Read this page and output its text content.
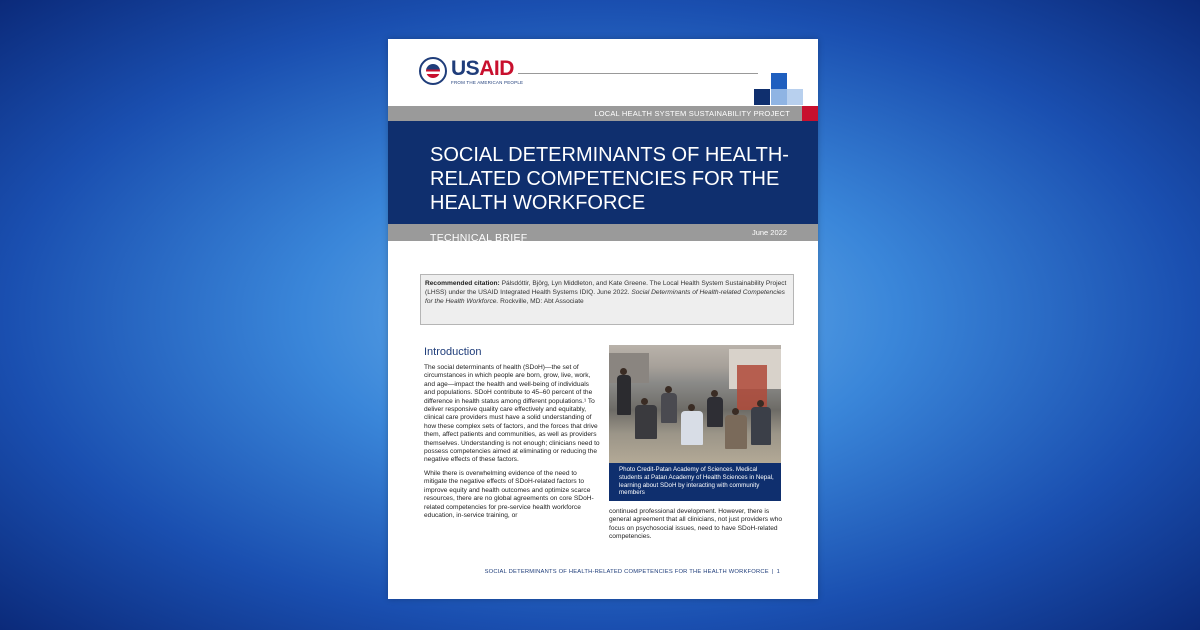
USAID
FROM THE AMERICAN PEOPLE
LOCAL HEALTH SYSTEM SUSTAINABILITY PROJECT
SOCIAL DETERMINANTS OF HEALTH-RELATED COMPETENCIES FOR THE HEALTH WORKFORCE
TECHNICAL BRIEF	June 2022
Recommended citation: Pálsdóttir, Björg, Lyn Middleton, and Kate Greene. The Local Health System Sustainability Project (LHSS) under the USAID Integrated Health Systems IDIQ. June 2022. Social Determinants of Health-related Competencies for the Health Workforce. Rockville, MD: Abt Associate
Introduction

The social determinants of health (SDoH)—the set of circumstances in which people are born, grow, live, work, and age—impact the health and well-being of individuals and populations. SDoH contribute to 45–60 percent of the difference in health status among different populations.¹ To deliver responsive quality care effectively and equitably, clinical care providers must have a solid understanding of how these complex sets of factors, and the forces that drive them, affect patients and communities, as well as providers themselves. Understanding is not enough; clinicians need to possess competencies aimed at eliminating or reducing the negative effects of these factors.

While there is overwhelming evidence of the need to mitigate the negative effects of SDoH-related factors to improve equity and health outcomes and optimize scarce resources, there are no global agreements on core SDoH-related competencies for pre-service health workforce education, in-service training, or

Photo Credit-Patan Academy of Sciences. Medical students at Patan Academy of Health Sciences in Nepal, learning about SDoH by interacting with community members
continued professional development. However, there is general agreement that all clinicians, not just providers who focus on psychosocial issues, need to have SDoH-related competencies.
SOCIAL DETERMINANTS OF HEALTH-RELATED COMPETENCIES FOR THE HEALTH WORKFORCE | 1
